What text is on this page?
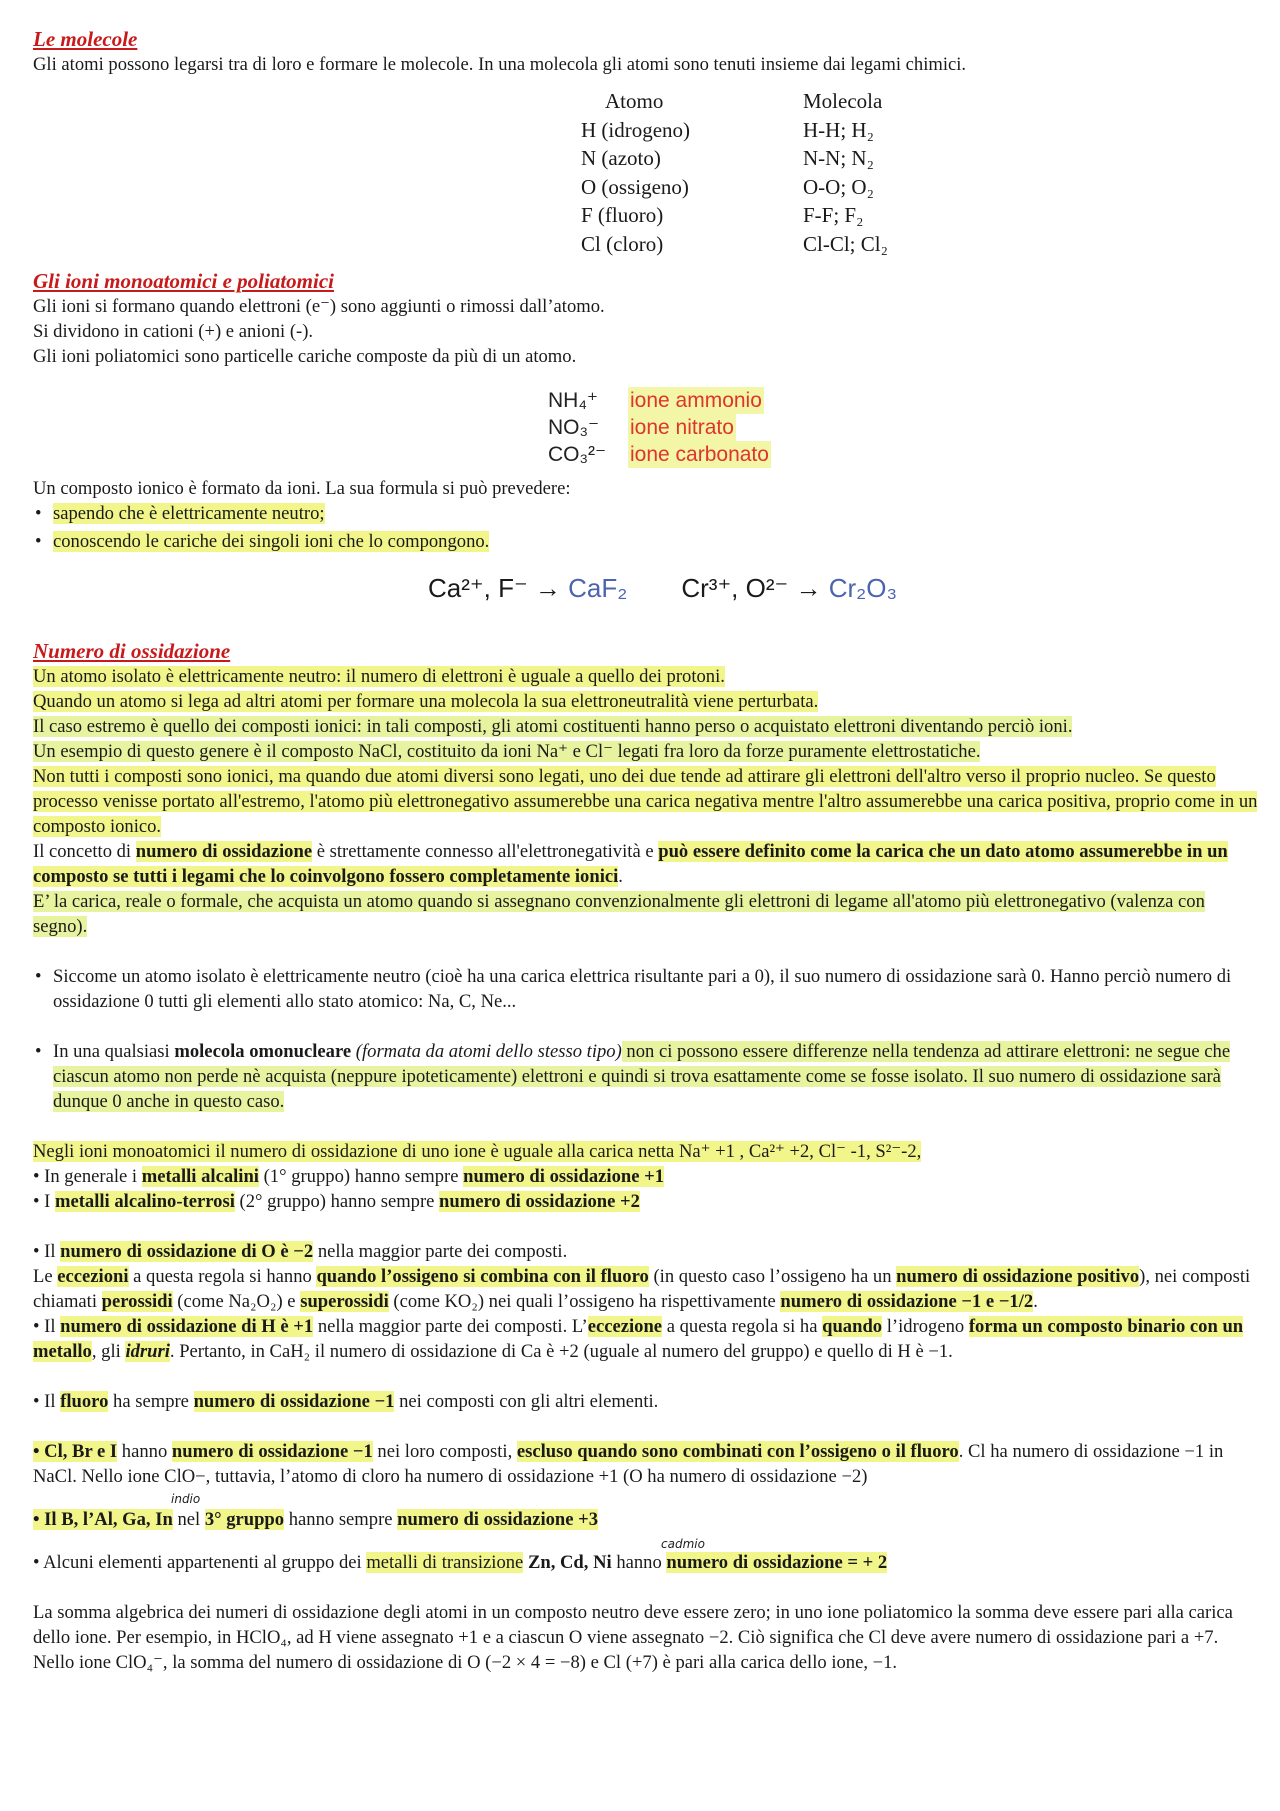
Le molecole

Gli atomi possono legarsi tra di loro e formare le molecole. In una molecola gli atomi sono tenuti insieme dai legami chimici.

Atomo	Molecola
H (idrogeno)	H-H; H₂
N (azoto)	N-N; N₂
O (ossigeno)	O-O; O₂
F (fluoro)	F-F; F₂
Cl (cloro)	Cl-Cl; Cl₂
Gli ioni monoatomici e poliatomici

Gli ioni si formano quando elettroni (e⁻) sono aggiunti o rimossi dall’atomo.

Si dividono in cationi (+) e anioni (-).

Gli ioni poliatomici sono particelle cariche composte da più di un atomo.

NH₄⁺	ione ammonio
NO₃⁻	ione nitrato
CO₃²⁻	ione carbonato

Un composto ionico è formato da ioni. La sua formula si può prevedere:

• sapendo che è elettricamente neutro;

• conoscendo le cariche dei singoli ioni che lo compongono.

Ca²⁺, F⁻ →
CaF₂ Cr³⁺, O²⁻ →
Cr₂O₃
Numero di ossidazione

Un atomo isolato è elettricamente neutro: il numero di elettroni è uguale a quello dei protoni.

Quando un atomo si lega ad altri atomi per formare una molecola la sua elettroneutralità viene perturbata.

Il caso estremo è quello dei composti ionici: in tali composti, gli atomi costituenti hanno perso o acquistato elettroni diventando perciò ioni.

Un esempio di questo genere è il composto NaCl, costituito da ioni Na⁺ e Cl⁻ legati fra loro da forze puramente elettrostatiche.

Non tutti i composti sono ionici, ma quando due atomi diversi sono legati, uno dei due tende ad attirare gli elettroni dell'altro verso il proprio nucleo. Se questo processo venisse portato all'estremo, l'atomo più elettronegativo assumerebbe una carica negativa mentre l'altro assumerebbe una carica positiva, proprio come in un composto ionico.

Il concetto di numero di ossidazione è strettamente connesso all'elettronegatività e può essere definito come la carica che un dato atomo assumerebbe in un composto se tutti i legami che lo coinvolgono fossero completamente ionici.

E’ la carica, reale o formale, che acquista un atomo quando si assegnano convenzionalmente gli elettroni di legame all'atomo più elettronegativo (valenza con segno).

• Siccome un atomo isolato è elettricamente neutro (cioè ha una carica elettrica risultante pari a 0), il suo numero di ossidazione sarà 0. Hanno perciò numero di ossidazione 0 tutti gli elementi allo stato atomico: Na, C, Ne...

• In una qualsiasi molecola omonucleare (formata da atomi dello stesso tipo) non ci possono essere differenze nella tendenza ad attirare elettroni: ne segue che ciascun atomo non perde nè acquista (neppure ipoteticamente) elettroni e quindi si trova esattamente come se fosse isolato. Il suo numero di ossidazione sarà dunque 0 anche in questo caso.

Negli ioni monoatomici il numero di ossidazione di uno ione è uguale alla carica netta Na⁺ +1 , Ca²⁺ +2, Cl⁻ -1, S²⁻-2,

• In generale i metalli alcalini (1° gruppo) hanno sempre numero di ossidazione +1

• I metalli alcalino-terrosi (2° gruppo) hanno sempre numero di ossidazione +2

• Il numero di ossidazione di O è −2 nella maggior parte dei composti.

Le eccezioni a questa regola si hanno quando l’ossigeno si combina con il fluoro (in questo caso l’ossigeno ha un numero di ossidazione positivo), nei composti chiamati perossidi (come Na₂O₂) e superossidi (come KO₂) nei quali l’ossigeno ha rispettivamente numero di ossidazione −1 e −1/2.

• Il numero di ossidazione di H è +1 nella maggior parte dei composti. L’eccezione a questa regola si ha quando l’idrogeno forma un composto binario con un metallo, gli idruri. Pertanto, in CaH₂ il numero di ossidazione di Ca è +2 (uguale al numero del gruppo) e quello di H è −1.

• Il fluoro ha sempre numero di ossidazione −1 nei composti con gli altri elementi.

• Cl, Br e I hanno numero di ossidazione −1 nei loro composti, escluso quando sono combinati con l’ossigeno o il fluoro. Cl ha numero di ossidazione −1 in NaCl. Nello ione ClO−, tuttavia, l’atomo di cloro ha numero di ossidazione +1 (O ha numero di ossidazione −2)

indio
• Il B, l’Al, Ga, In nel 3° gruppo hanno sempre numero di ossidazione +3

cadmio
• Alcuni elementi appartenenti al gruppo dei metalli di transizione Zn, Cd, Ni hanno numero di ossidazione = + 2

La somma algebrica dei numeri di ossidazione degli atomi in un composto neutro deve essere zero; in uno ione poliatomico la somma deve essere pari alla carica dello ione. Per esempio, in HClO₄, ad H viene assegnato +1 e a ciascun O viene assegnato −2. Ciò significa che Cl deve avere numero di ossidazione pari a +7. Nello ione ClO₄⁻, la somma del numero di ossidazione di O (−2 × 4 = −8) e Cl (+7) è pari alla carica dello ione, −1.
